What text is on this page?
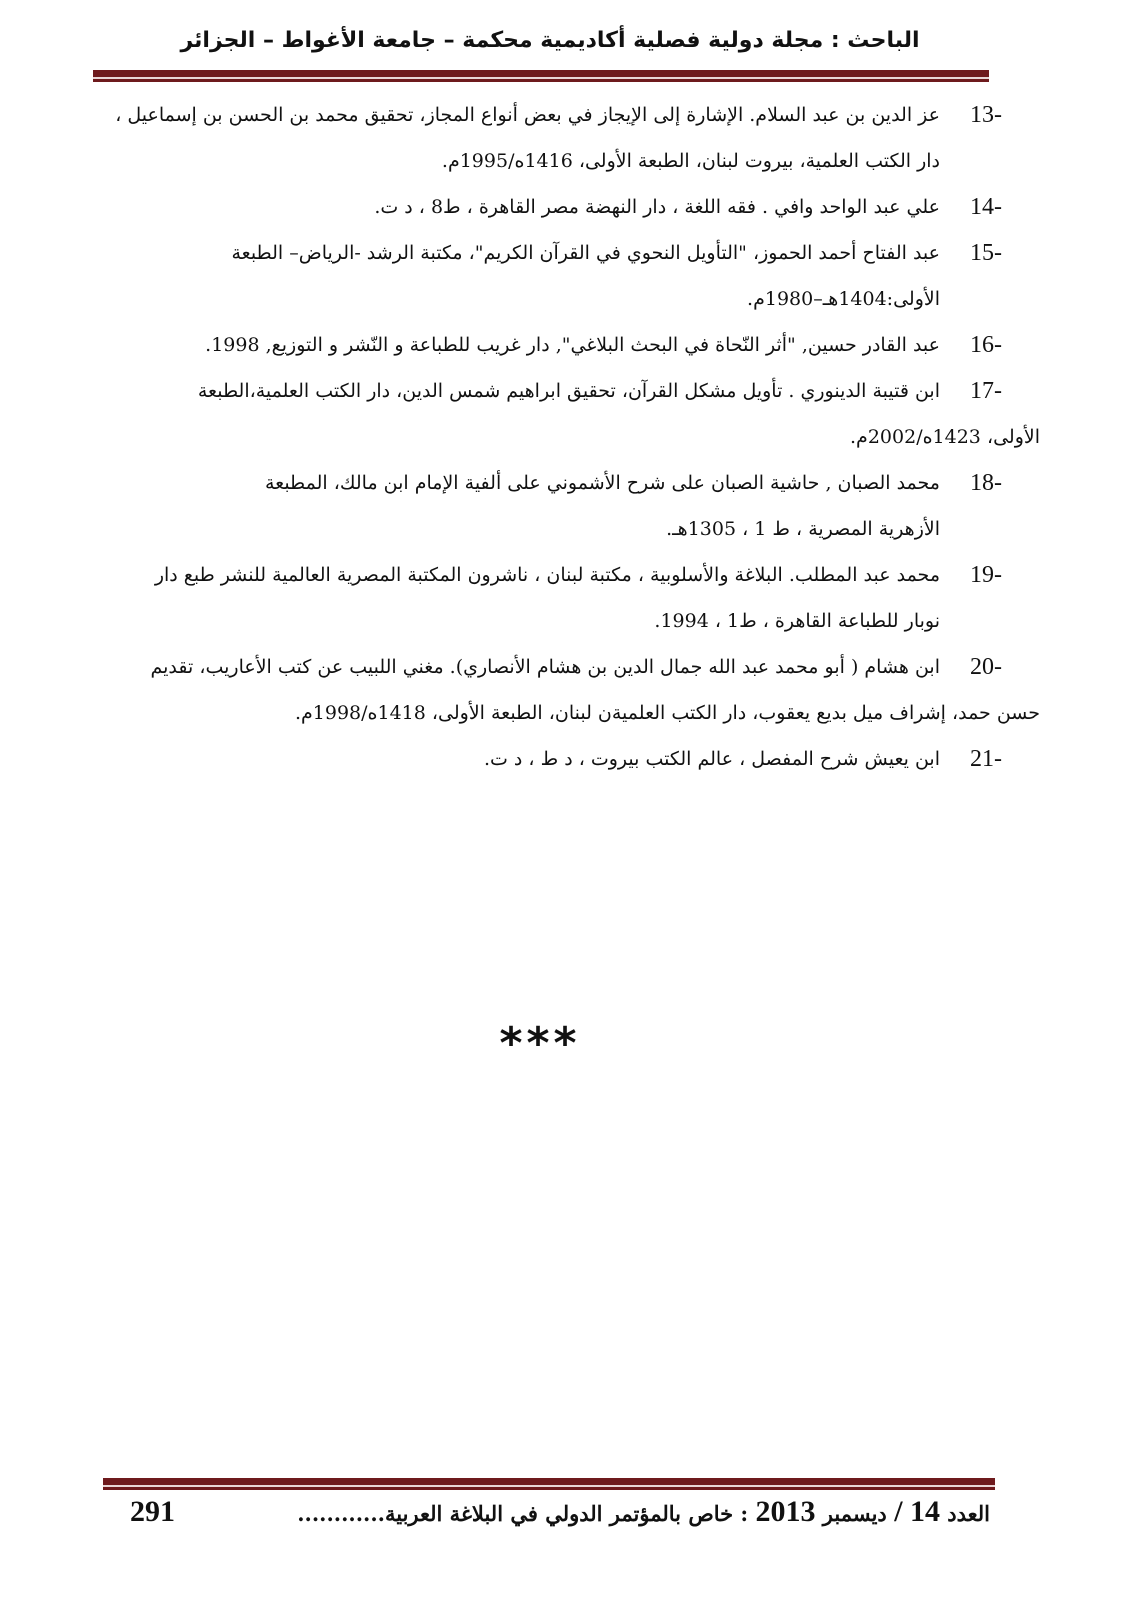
الباحث : مجلة دولية فصلية أكاديمية محكمة – جامعة الأغواط – الجزائر
13-
عز الدين بن عبد السلام. الإشارة إلى الإيجاز في بعض أنواع المجاز، تحقيق محمد بن الحسن بن إسماعيل ،
دار الكتب العلمية، بيروت لبنان، الطبعة الأولى، 1416ه/1995م.
14-
علي عبد الواحد وافي . فقه اللغة ، دار النهضة مصر القاهرة ، ط8 ، د ت.
15-
عبد الفتاح أحمد الحموز، "التأويل النحوي في القرآن الكريم"، مكتبة الرشد -الرياض– الطبعة
الأولى:1404هـ–1980م.
16-
عبد القادر حسين, "أثر النّحاة في البحث البلاغي", دار غريب للطباعة و النّشر و التوزيع, 1998.
17-
ابن قتيبة الدينوري . تأويل مشكل القرآن، تحقيق ابراهيم شمس الدين، دار الكتب العلمية،الطبعة
الأولى، 1423ه/2002م.
18-
محمد الصبان , حاشية الصبان على شرح الأشموني على ألفية الإمام ابن مالك، المطبعة
الأزهرية المصرية ، ط 1 ، 1305هـ.
19-
محمد عبد المطلب. البلاغة والأسلوبية ، مكتبة لبنان ، ناشرون المكتبة المصرية العالمية للنشر طبع دار
نوبار للطباعة القاهرة ، ط1 ، 1994.
20-
ابن هشام ( أبو محمد عبد الله جمال الدين بن هشام الأنصاري). مغني اللبيب عن كتب الأعاريب، تقديم
حسن حمد، إشراف ميل بديع يعقوب، دار الكتب العلميةن لبنان، الطبعة الأولى، 1418ه/1998م.
21-
ابن يعيش شرح المفصل ، عالم الكتب بيروت ، د ط ، د ت.
***
العدد 14 / ديسمبر 2013 : خاص بالمؤتمر الدولي في البلاغة العربية............
291
